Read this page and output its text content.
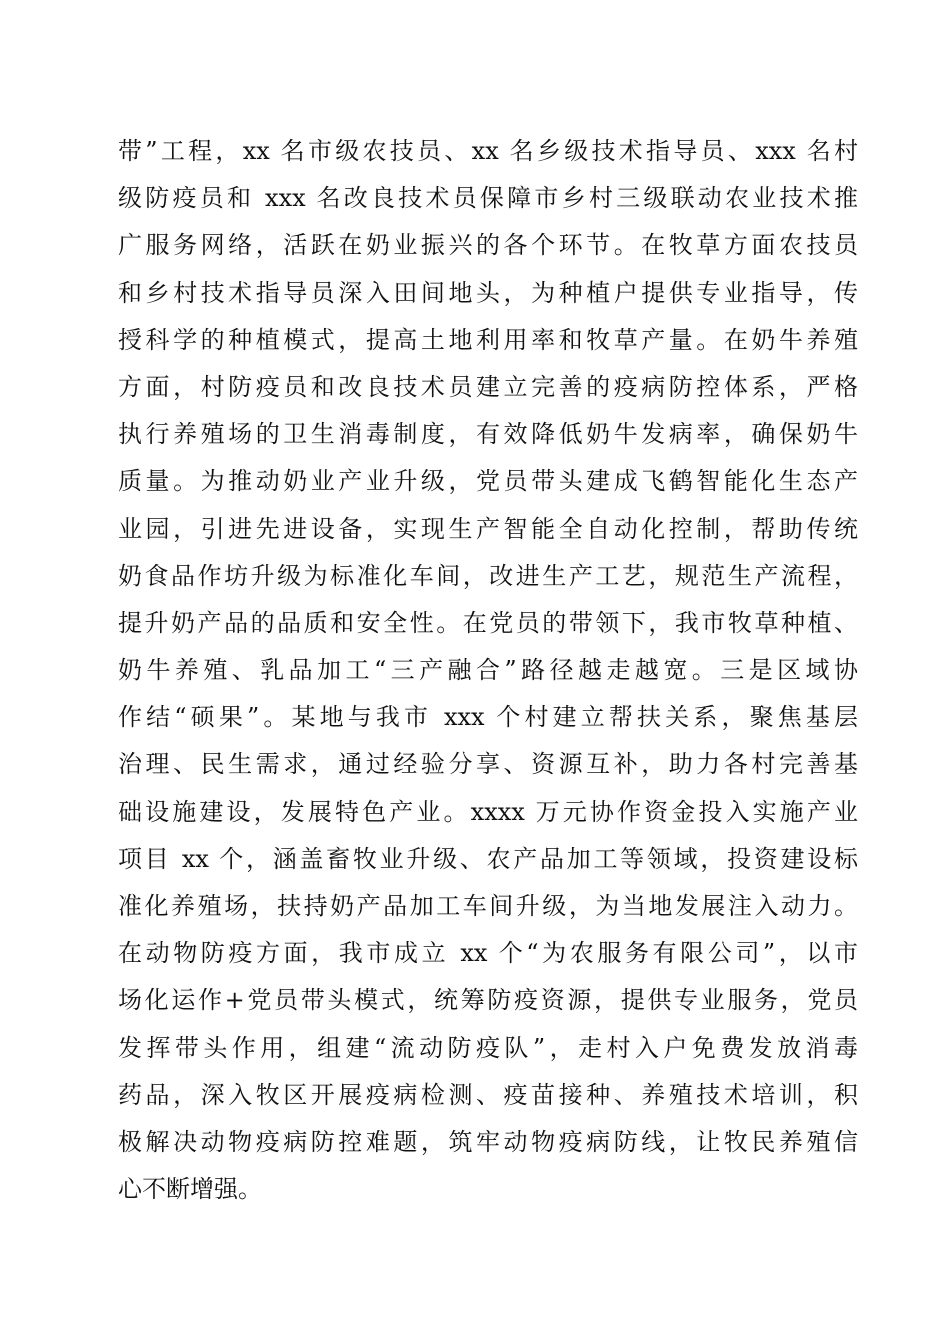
带”工程，xx 名市级农技员、xx 名乡级技术指导员、xxx 名村
级防疫员和 xxx 名改良技术员保障市乡村三级联动农业技术推
广服务网络，活跃在奶业振兴的各个环节。在牧草方面农技员
和乡村技术指导员深入田间地头，为种植户提供专业指导，传
授科学的种植模式，提高土地利用率和牧草产量。在奶牛养殖
方面，村防疫员和改良技术员建立完善的疫病防控体系，严格
执行养殖场的卫生消毒制度，有效降低奶牛发病率，确保奶牛
质量。为推动奶业产业升级，党员带头建成飞鹤智能化生态产
业园，引进先进设备，实现生产智能全自动化控制，帮助传统
奶食品作坊升级为标准化车间，改进生产工艺，规范生产流程，
提升奶产品的品质和安全性。在党员的带领下，我市牧草种植、
奶牛养殖、乳品加工“三产融合”路径越走越宽。三是区域协
作结“硕果”。某地与我市 xxx 个村建立帮扶关系，聚焦基层
治理、民生需求，通过经验分享、资源互补，助力各村完善基
础设施建设，发展特色产业。xxxx 万元协作资金投入实施产业
项目 xx 个，涵盖畜牧业升级、农产品加工等领域，投资建设标
准化养殖场，扶持奶产品加工车间升级，为当地发展注入动力。
在动物防疫方面，我市成立 xx 个“为农服务有限公司”，以市
场化运作+党员带头模式，统筹防疫资源，提供专业服务，党员
发挥带头作用，组建“流动防疫队”，走村入户免费发放消毒
药品，深入牧区开展疫病检测、疫苗接种、养殖技术培训，积
极解决动物疫病防控难题，筑牢动物疫病防线，让牧民养殖信
心不断增强。
